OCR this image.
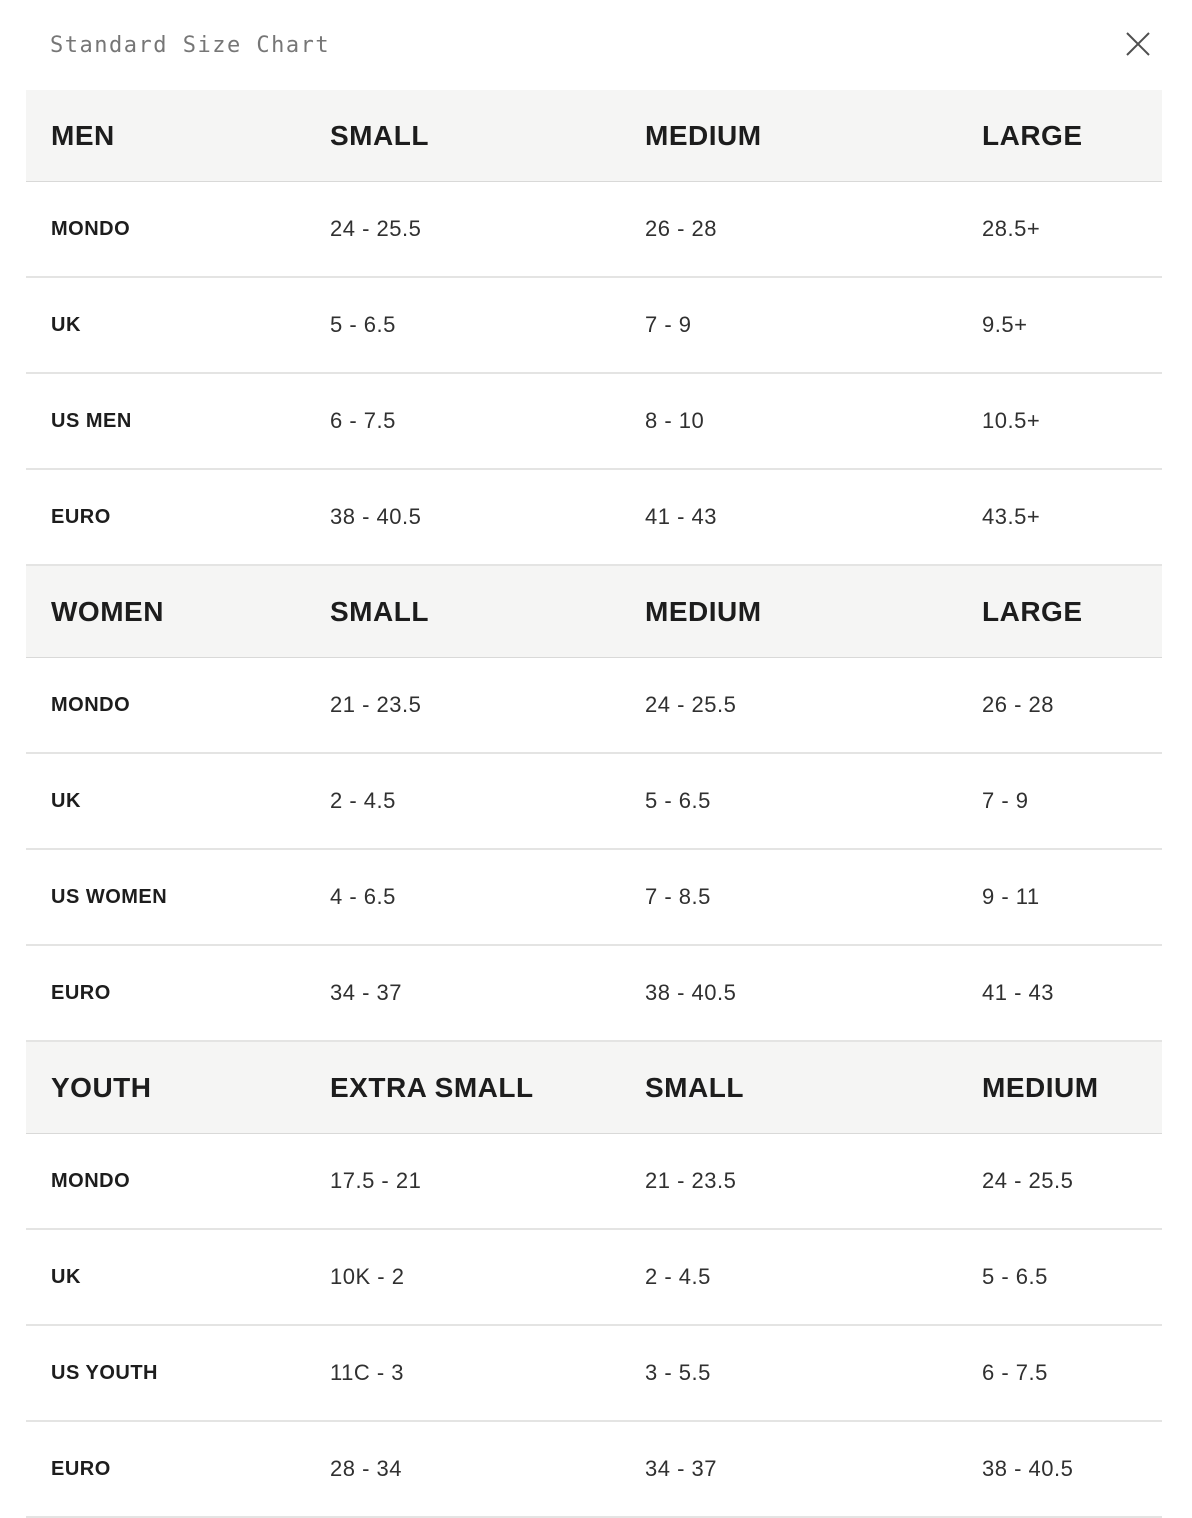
Standard Size Chart
MEN	SMALL	MEDIUM	LARGE
MONDO	24 - 25.5	26 - 28	28.5+
UK	5 - 6.5	7 - 9	9.5+
US MEN	6 - 7.5	8 - 10	10.5+
EURO	38 - 40.5	41 - 43	43.5+
WOMEN	SMALL	MEDIUM	LARGE
MONDO	21 - 23.5	24 - 25.5	26 - 28
UK	2 - 4.5	5 - 6.5	7 - 9
US WOMEN	4 - 6.5	7 - 8.5	9 - 11
EURO	34 - 37	38 - 40.5	41 - 43
YOUTH	EXTRA SMALL	SMALL	MEDIUM
MONDO	17.5 - 21	21 - 23.5	24 - 25.5
UK	10K - 2	2 - 4.5	5 - 6.5
US YOUTH	11C - 3	3 - 5.5	6 - 7.5
EURO	28 - 34	34 - 37	38 - 40.5
